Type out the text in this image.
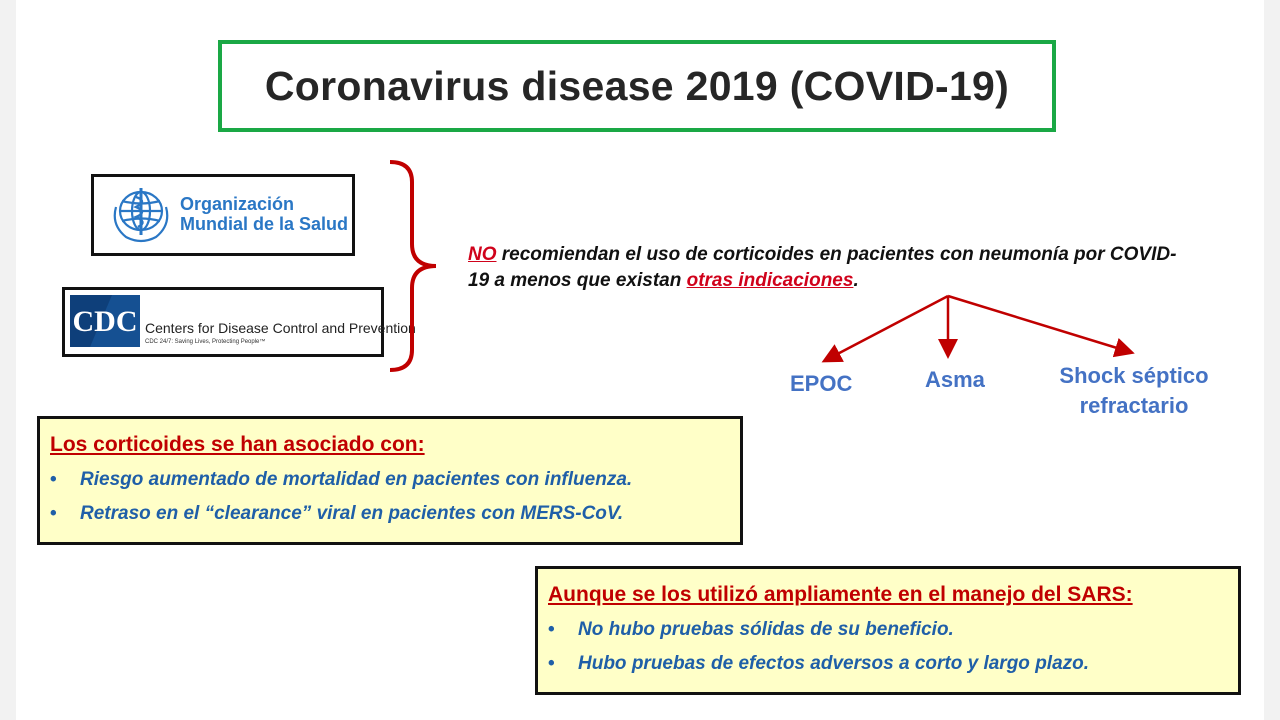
Coronavirus disease 2019 (COVID-19)
Organización
Mundial de la Salud
CDC Centers for Disease Control and Prevention
CDC 24/7: Saving Lives, Protecting People™
NO recomiendan el uso de corticoides en pacientes con neumonía por COVID-19 a menos que existan otras indicaciones.
EPOC	Asma	Shock séptico
refractario
Los corticoides se han asociado con:
• Riesgo aumentado de mortalidad en pacientes con influenza.
• Retraso en el “clearance” viral en pacientes con MERS-CoV.
Aunque se los utilizó ampliamente en el manejo del SARS:
• No hubo pruebas sólidas de su beneficio.
• Hubo pruebas de efectos adversos a corto y largo plazo.
